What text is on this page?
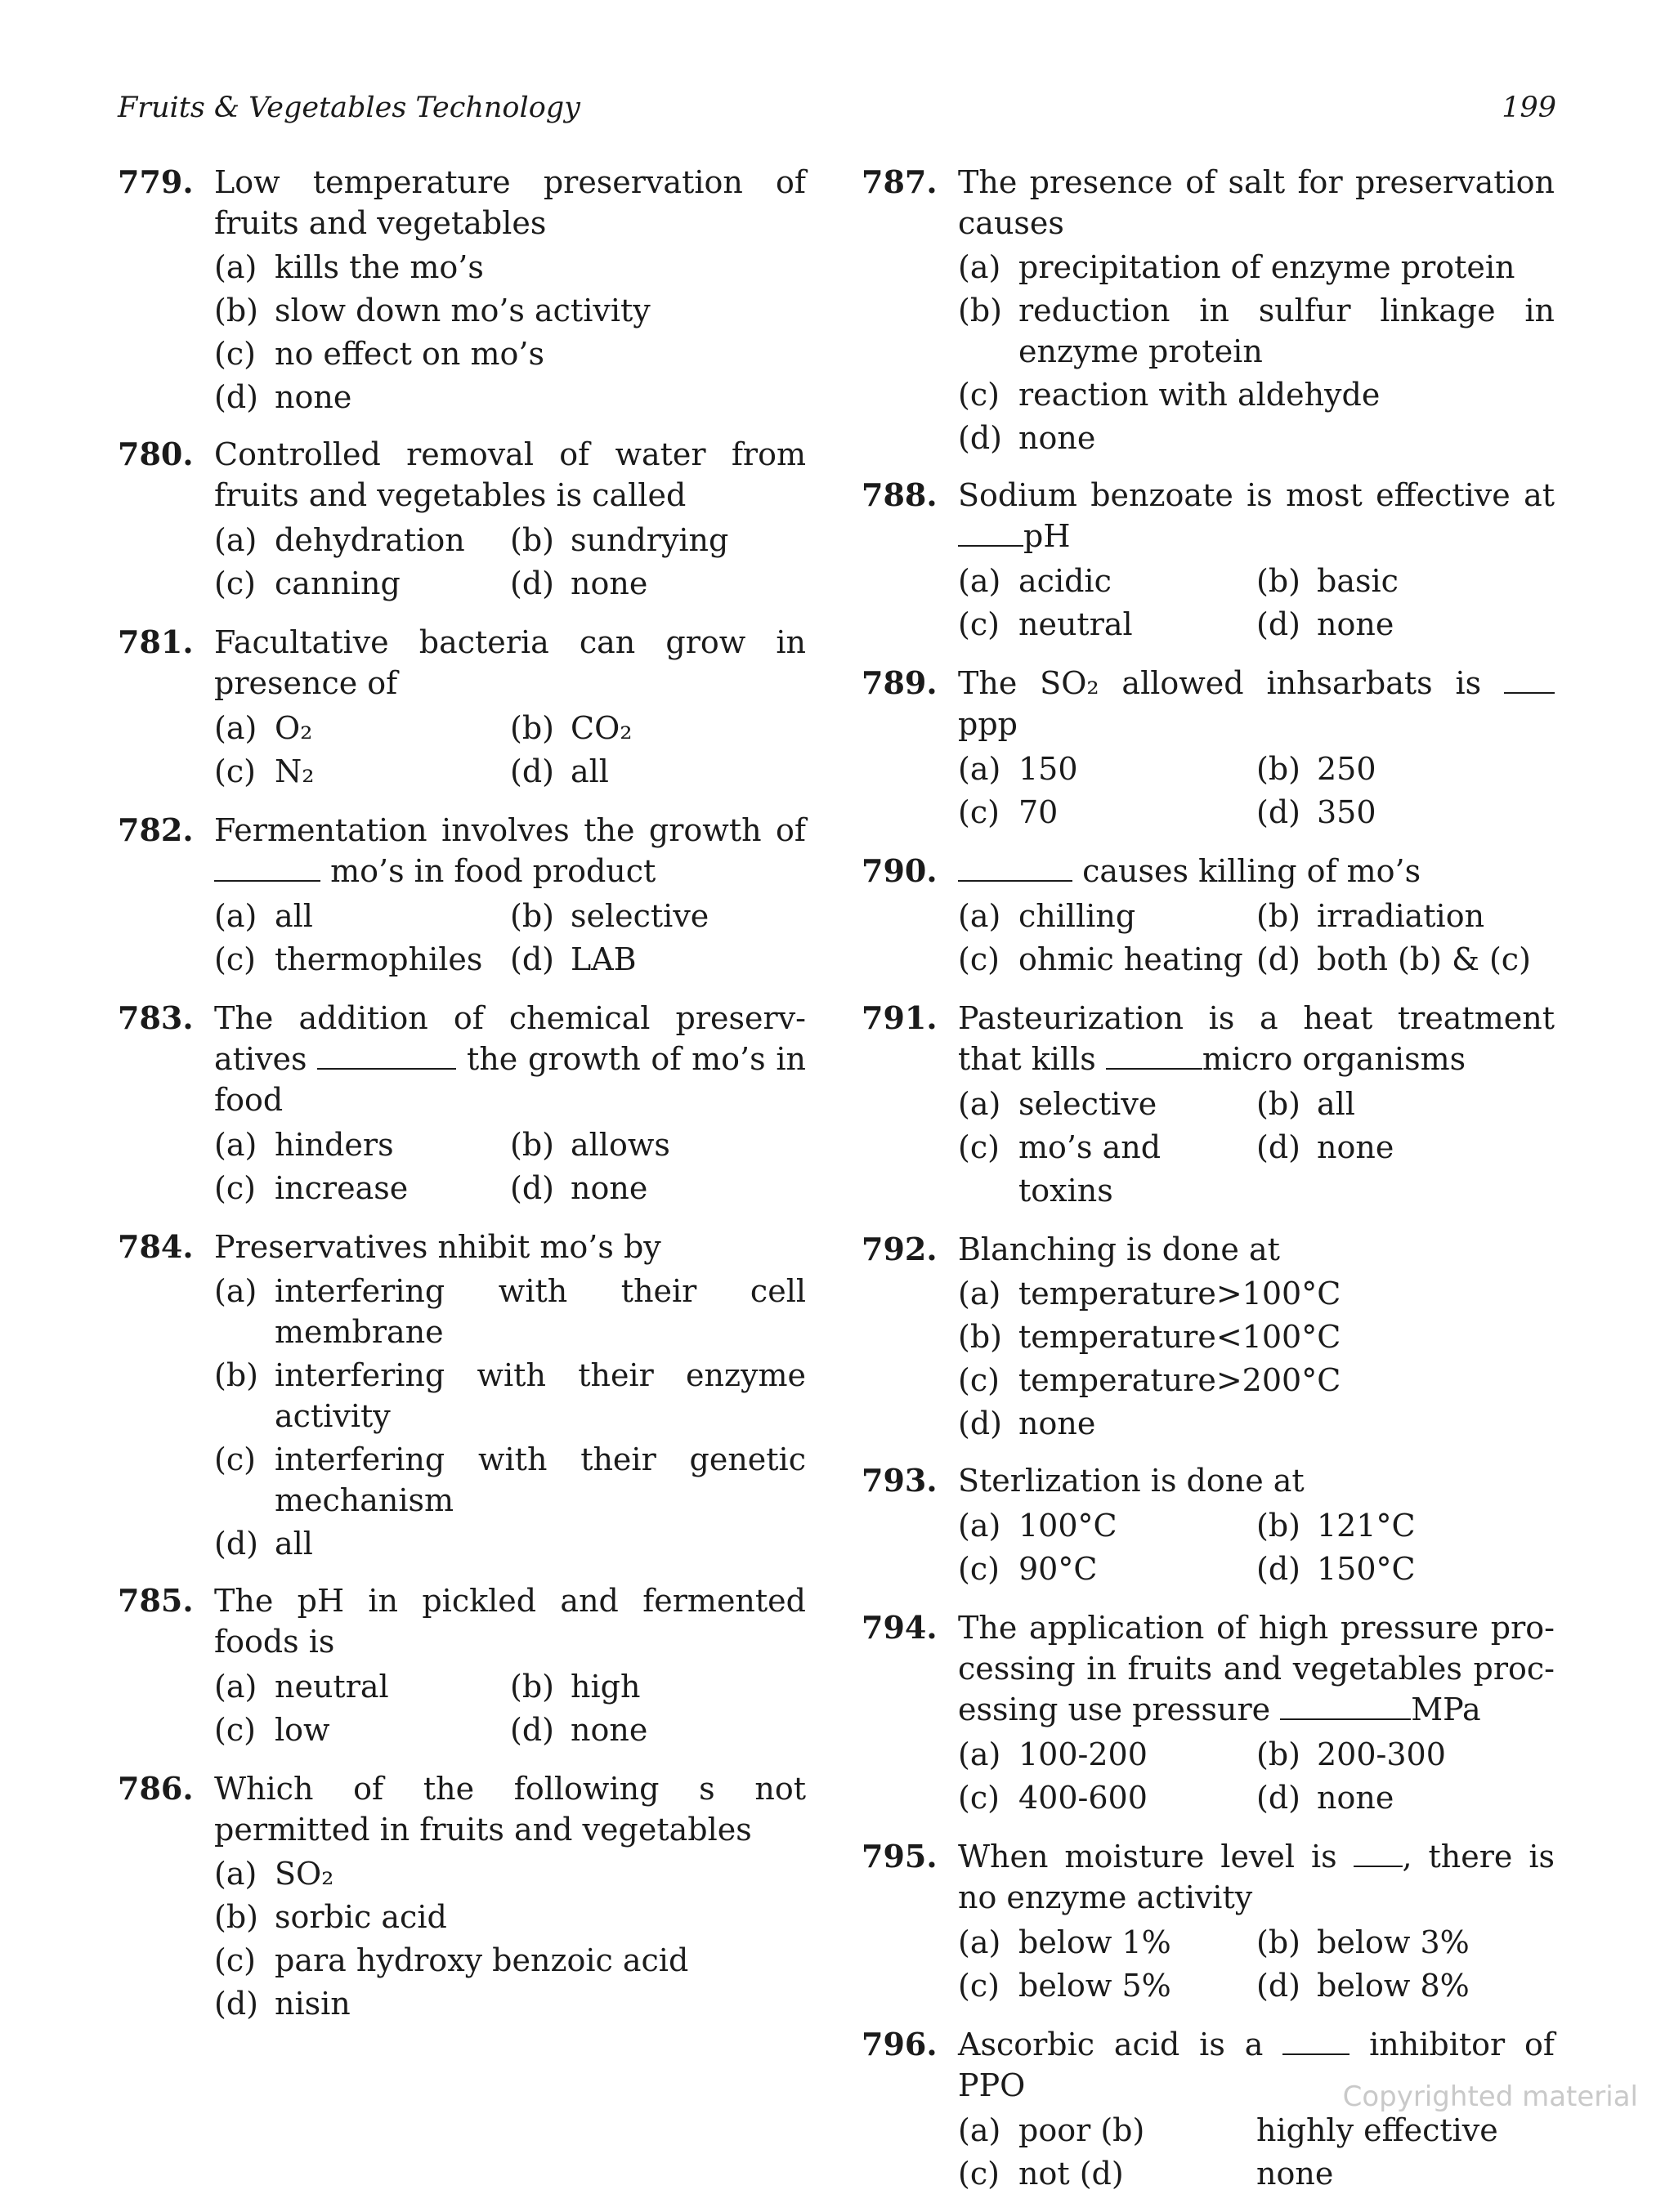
Fruits & Vegetables Technology	199
779. Low temperature preservation of fruits and vegetables
(a) kills the mo’s
(b) slow down mo’s activity
(c) no effect on mo’s
(d) none
780. Controlled removal of water from fruits and vegetables is called
(a) dehydration (b) sundrying
(c) canning	(d) none
781. Facultative bacteria can grow in presence of
(a) O₂	(b) CO₂
(c) N₂	(d) all
782. Fermentation involves the growth of  mo’s in food product
(a) all	(b) selective
(c) thermophiles (d) LAB
783. The addition of chemical preserv-atives	the growth of mo’s in food
(a) hinders	(b) allows
(c) increase	(d) none
784. Preservatives nhibit mo’s by
(a) interfering with their cell membrane
(b) interfering with their enzyme activity
(c) interfering with their genetic mechanism
(d) all
785. The pH in pickled and fermented foods is
(a) neutral	(b) high
(c) low	(d) none
786. Which of the following s not permitted in fruits and vegetables
(a) SO₂
(b) sorbic acid
(c) para hydroxy benzoic acid
(d) nisin
787. The presence of salt for preservation causes
(a) precipitation of enzyme protein
(b) reduction in sulfur linkage in enzyme protein
(c) reaction with aldehyde
(d) none
788. Sodium benzoate is most effective at pH
(a) acidic	(b) basic
(c) neutral	(d) none
789. The SO₂ allowed inhsarbats is  ppp
(a) 150	(b) 250
(c) 70	(d) 350
790.	causes killing of mo’s
(a) chilling	(b) irradiation
(c) ohmic heating (d) both (b) & (c)
791. Pasteurization is a heat treatment that kills	micro organisms
(a) selective	(b) all
(c) mo’s and toxins
(d) none
792. Blanching is done at
(a) temperature>100°C
(b) temperature<100°C
(c) temperature>200°C
(d) none
793. Sterlization is done at
(a) 100°C	(b) 121°C
(c) 90°C	(d) 150°C
794. The application of high pressure pro-cessing in fruits and vegetables proc-essing use pressure	MPa
(a) 100-200	(b) 200-300
(c) 400-600	(d) none
795. When moisture level is , there is no enzyme activity
(a) below 1%	(b) below 3%
(c) below 5%	(d) below 8%
796. Ascorbic acid is a	inhibitor of PPO
(a) poor (b)	highly effective
(c) not (d)	none
Copyrighted material
